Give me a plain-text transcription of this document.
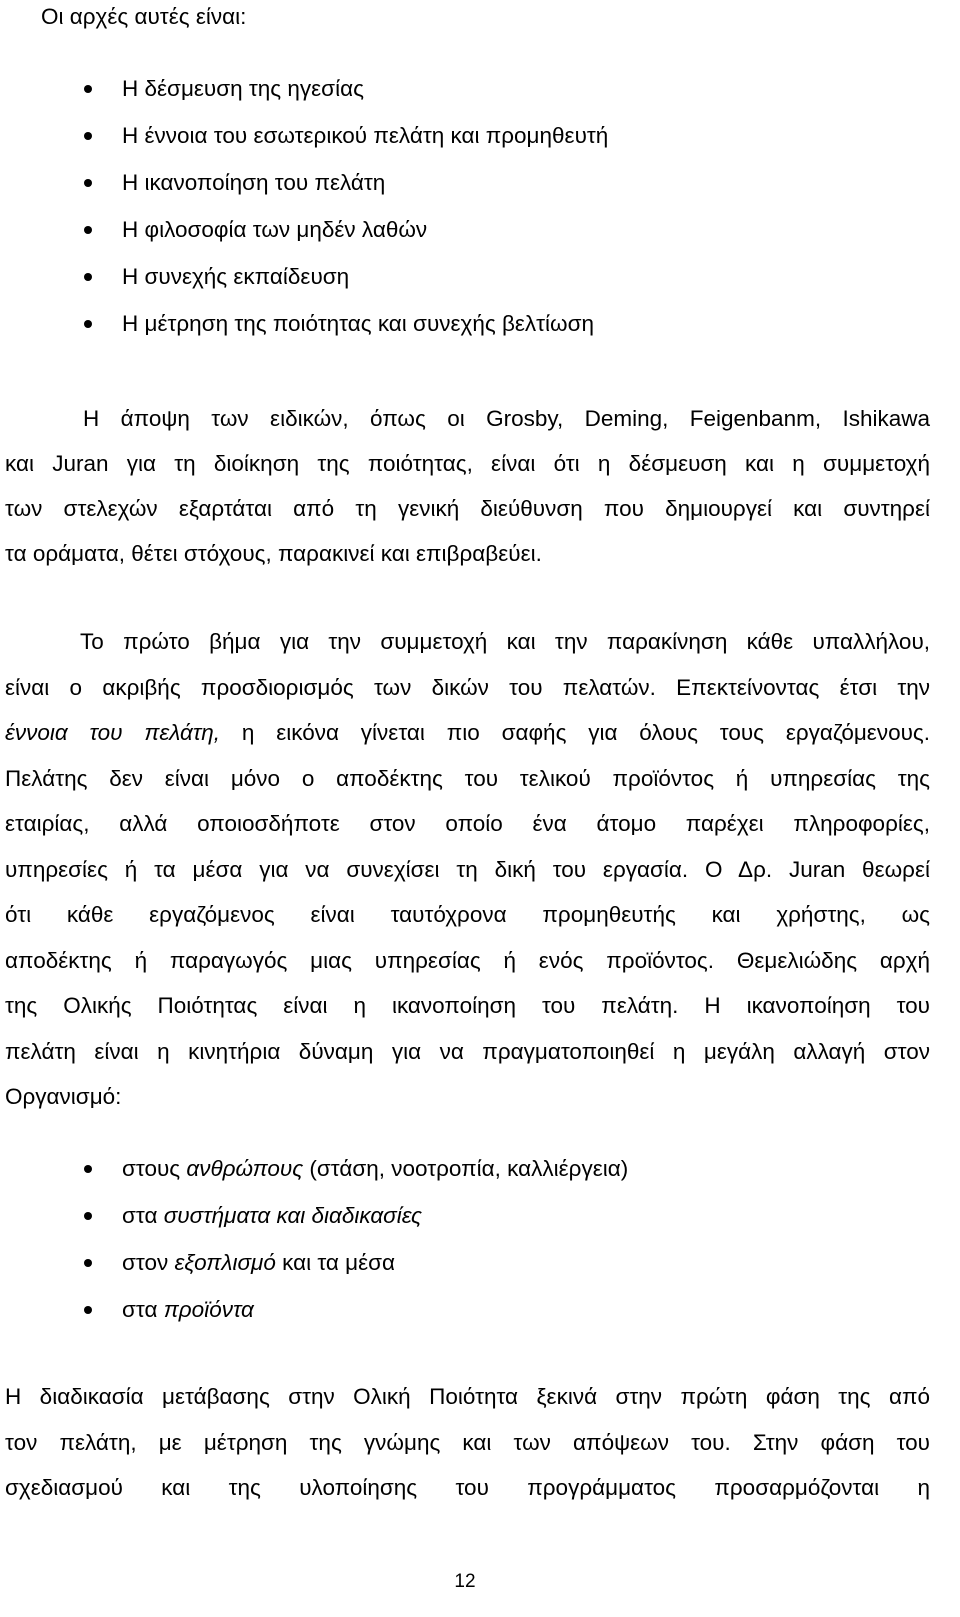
Οι αρχές αυτές είναι:
Η δέσμευση της ηγεσίας
Η έννοια του εσωτερικού πελάτη και προμηθευτή
Η ικανοποίηση του πελάτη
Η φιλοσοφία των μηδέν λαθών
Η συνεχής εκπαίδευση
Η μέτρηση της ποιότητας και συνεχής βελτίωση
Η άποψη των ειδικών, όπως οι Grosby, Deming, Feigenbanm, Ishikawa
και Juran για τη διοίκηση της ποιότητας, είναι ότι η δέσμευση και η συμμετοχή
των στελεχών εξαρτάται από τη γενική διεύθυνση που δημιουργεί και συντηρεί
τα οράματα, θέτει στόχους, παρακινεί και επιβραβεύει.
Το πρώτο βήμα για την συμμετοχή και την παρακίνηση κάθε υπαλλήλου,
είναι ο ακριβής προσδιορισμός των δικών του πελατών. Επεκτείνοντας έτσι την
έννοια του πελάτη, η εικόνα γίνεται πιο σαφής για όλους τους εργαζόμενους.
Πελάτης δεν είναι μόνο ο αποδέκτης του τελικού προϊόντος ή υπηρεσίας της
εταιρίας, αλλά οποιοσδήποτε στον οποίο ένα άτομο παρέχει πληροφορίες,
υπηρεσίες ή τα μέσα για να συνεχίσει τη δική του εργασία. Ο Δρ. Juran θεωρεί
ότι κάθε εργαζόμενος είναι ταυτόχρονα προμηθευτής και χρήστης, ως
αποδέκτης ή παραγωγός μιας υπηρεσίας ή ενός προϊόντος. Θεμελιώδης αρχή
της Ολικής Ποιότητας είναι η ικανοποίηση του πελάτη. Η ικανοποίηση του
πελάτη είναι η κινητήρια δύναμη για να πραγματοποιηθεί η μεγάλη αλλαγή στον
Οργανισμό:
στους ανθρώπους (στάση, νοοτροπία, καλλιέργεια)
στα συστήματα και διαδικασίες
στον εξοπλισμό και τα μέσα
στα προϊόντα
Η διαδικασία μετάβασης στην Ολική Ποιότητα ξεκινά στην πρώτη φάση της από
τον πελάτη, με μέτρηση της γνώμης και των απόψεων του. Στην φάση του
σχεδιασμού και της υλοποίησης του προγράμματος προσαρμόζονται η
12
